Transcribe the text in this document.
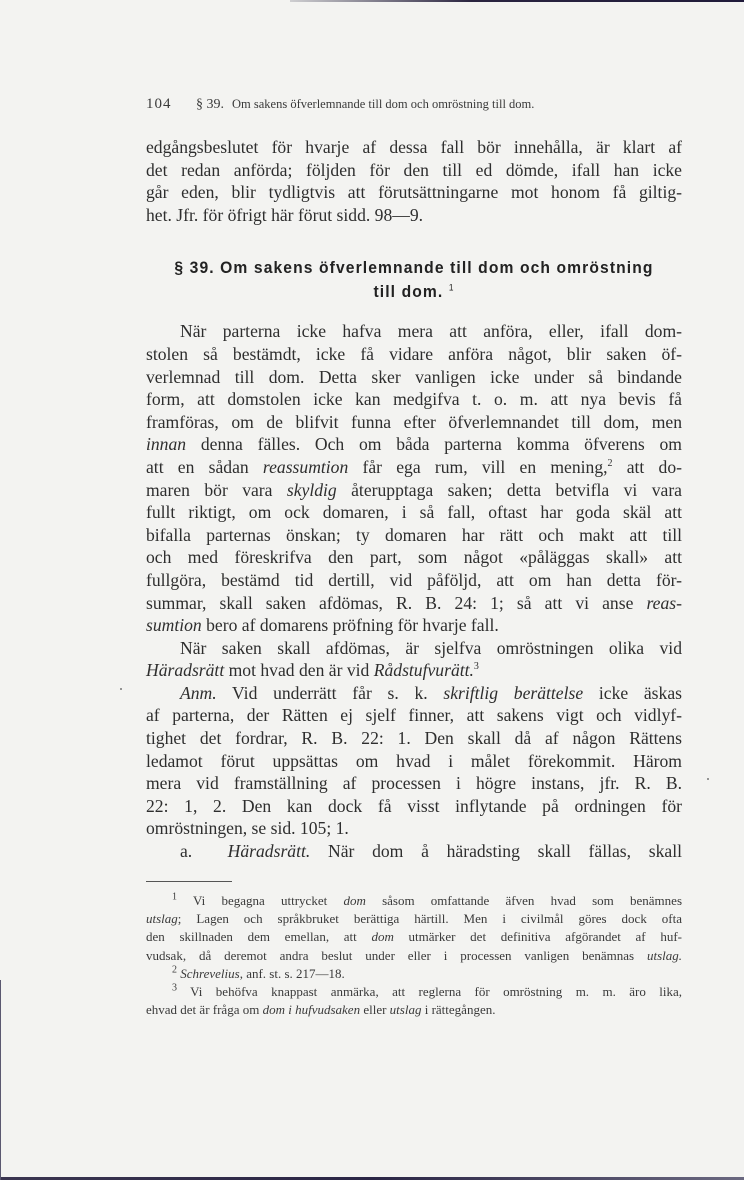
104	§ 39. Om sakens öfverlemnande till dom och omröstning till dom.
edgångsbeslutet för hvarje af dessa fall bör innehålla, är klart af
det redan anförda; följden för den till ed dömde, ifall han icke
går eden, blir tydligtvis att förutsättningarne mot honom få giltig-
het. Jfr. för öfrigt här förut sidd. 98—9.
§ 39. Om sakens öfverlemnande till dom och omröstning
till dom. $^1$
När parterna icke hafva mera att anföra, eller, ifall dom-
stolen så bestämdt, icke få vidare anföra något, blir saken öf-
verlemnad till dom. Detta sker vanligen icke under så bindande
form, att domstolen icke kan medgifva t. o. m. att nya bevis få
framföras, om de blifvit funna efter öfverlemnandet till dom, men
innan denna fälles. Och om båda parterna komma öfverens om
att en sådan reassumtion får ega rum, vill en mening,$^2$ att do-
maren bör vara skyldig återupptaga saken; detta betvifla vi vara
fullt riktigt, om ock domaren, i så fall, oftast har goda skäl att
bifalla parternas önskan; ty domaren har rätt och makt att till
och med föreskrifva den part, som något «påläggas skall» att
fullgöra, bestämd tid dertill, vid påföljd, att om han detta för-
summar, skall saken afdömas, R. B. 24: 1; så att vi anse reas-
sumtion bero af domarens pröfning för hvarje fall.
När saken skall afdömas, är sjelfva omröstningen olika vid
Häradsrätt mot hvad den är vid Rådstufvurätt.$^3$
Anm. Vid underrätt får s. k. skriftlig berättelse icke äskas
af parterna, der Rätten ej sjelf finner, att sakens vigt och vidlyf-
tighet det fordrar, R. B. 22: 1. Den skall då af någon Rättens
ledamot förut uppsättas om hvad i målet förekommit. Härom
mera vid framställning af processen i högre instans, jfr. R. B.
22: 1, 2. Den kan dock få visst inflytande på ordningen för
omröstningen, se sid. 105; 1.
a. Häradsrätt. När dom å häradsting skall fällas, skall
$^1$ Vi begagna uttrycket dom såsom omfattande äfven hvad som benämnes
utslag; Lagen och språkbruket berättiga härtill. Men i civilmål göres dock ofta
den skillnaden dem emellan, att dom utmärker det definitiva afgörandet af huf-
vudsak, då deremot andra beslut under eller i processen vanligen benämnas utslag.
$^2$ Schrevelius, anf. st. s. 217—18.
$^3$ Vi behöfva knappast anmärka, att reglerna för omröstning m. m. äro lika,
ehvad det är fråga om dom i hufvudsaken eller utslag i rättegången.
